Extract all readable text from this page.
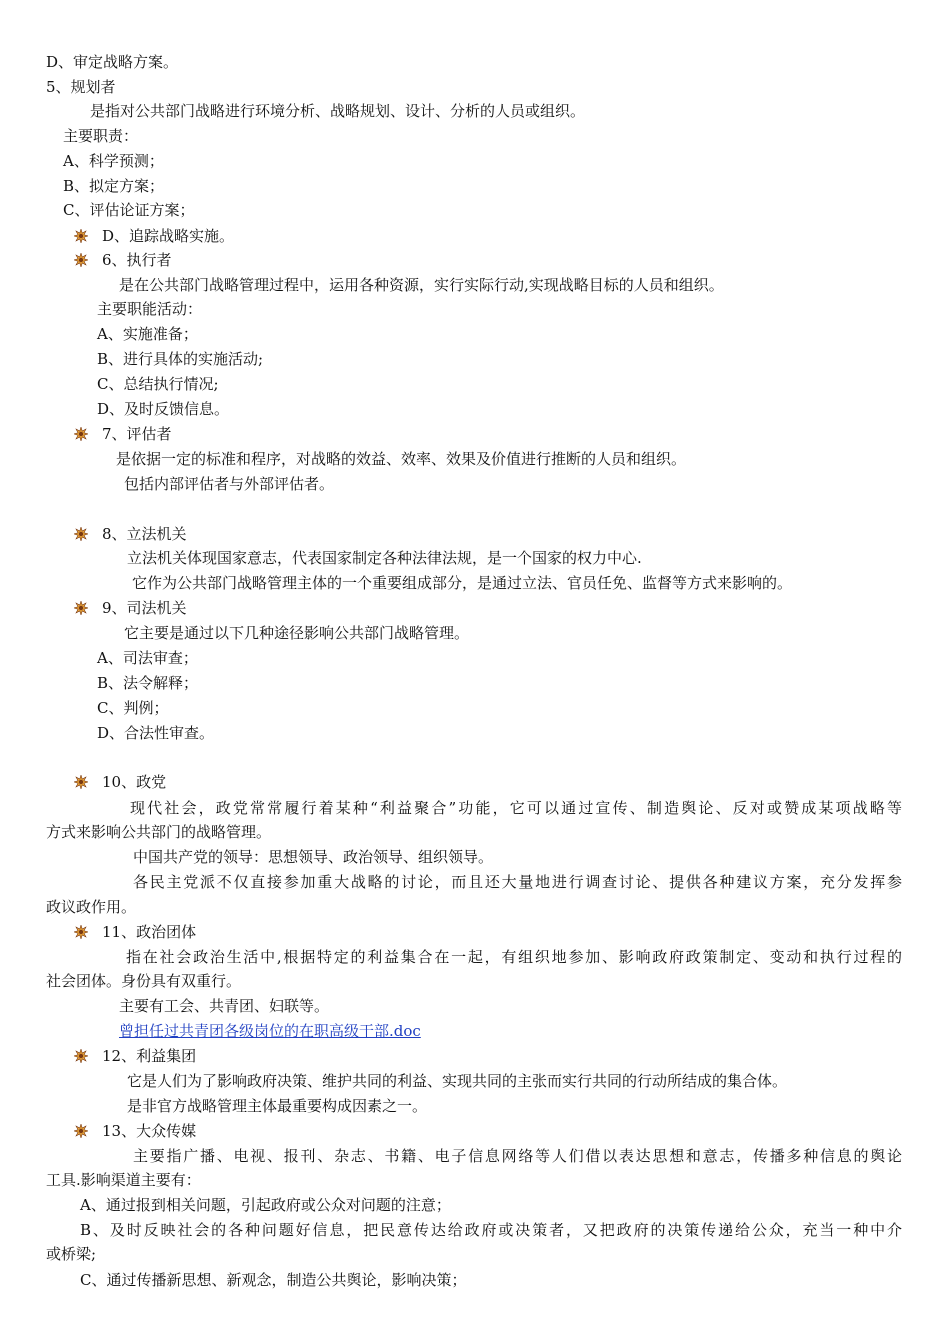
D、审定战略方案。
5、规划者
是指对公共部门战略进行环境分析、战略规划、设计、分析的人员或组织。
主要职责：
A、科学预测；
B、拟定方案；
C、评估论证方案；
D、追踪战略实施。
6、执行者
是在公共部门战略管理过程中，运用各种资源，实行实际行动,实现战略目标的人员和组织。
主要职能活动：
A、实施准备；
B、进行具体的实施活动;
C、总结执行情况;
D、及时反馈信息。
7、评估者
是依据一定的标准和程序，对战略的效益、效率、效果及价值进行推断的人员和组织。
包括内部评估者与外部评估者。
8、立法机关
立法机关体现国家意志，代表国家制定各种法律法规，是一个国家的权力中心.
它作为公共部门战略管理主体的一个重要组成部分，是通过立法、官员任免、监督等方式来影响的。
9、司法机关
它主要是通过以下几种途径影响公共部门战略管理。
A、司法审查；
B、法令解释；
C、判例；
D、合法性审查。
10、政党
现代社会，政党常常履行着某种“利益聚合”功能，它可以通过宣传、制造舆论、反对或赞成某项战略等
方式来影响公共部门的战略管理。
中国共产党的领导：思想领导、政治领导、组织领导。
各民主党派不仅直接参加重大战略的讨论，而且还大量地进行调查讨论、提供各种建议方案，充分发挥参
政议政作用。
11、政治团体
指在社会政治生活中,根据特定的利益集合在一起，有组织地参加、影响政府政策制定、变动和执行过程的
社会团体。身份具有双重行。
主要有工会、共青团、妇联等。
曾担任过共青团各级岗位的在职高级干部.doc
12、利益集团
它是人们为了影响政府决策、维护共同的利益、实现共同的主张而实行共同的行动所结成的集合体。
是非官方战略管理主体最重要构成因素之一。
13、大众传媒
主要指广播、电视、报刊、杂志、书籍、电子信息网络等人们借以表达思想和意志，传播多种信息的舆论
工具.影响渠道主要有：
A、通过报到相关问题，引起政府或公众对问题的注意；
B、及时反映社会的各种问题好信息，把民意传达给政府或决策者，又把政府的决策传递给公众，充当一种中介
或桥梁;
C、通过传播新思想、新观念，制造公共舆论，影响决策；
